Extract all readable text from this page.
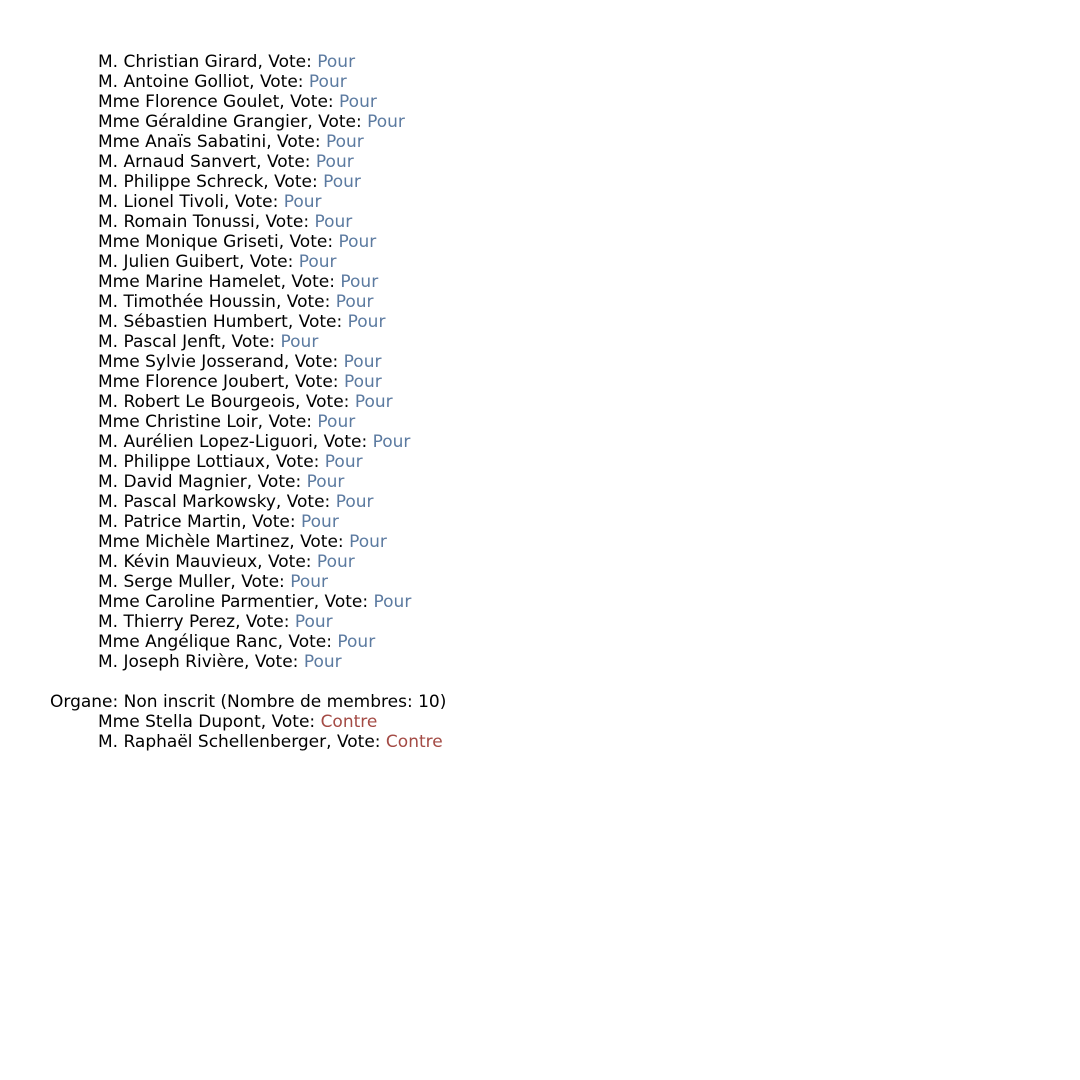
M. Christian Girard, Vote: Pour
M. Antoine Golliot, Vote: Pour
Mme Florence Goulet, Vote: Pour
Mme Géraldine Grangier, Vote: Pour
Mme Anaïs Sabatini, Vote: Pour
M. Arnaud Sanvert, Vote: Pour
M. Philippe Schreck, Vote: Pour
M. Lionel Tivoli, Vote: Pour
M. Romain Tonussi, Vote: Pour
Mme Monique Griseti, Vote: Pour
M. Julien Guibert, Vote: Pour
Mme Marine Hamelet, Vote: Pour
M. Timothée Houssin, Vote: Pour
M. Sébastien Humbert, Vote: Pour
M. Pascal Jenft, Vote: Pour
Mme Sylvie Josserand, Vote: Pour
Mme Florence Joubert, Vote: Pour
M. Robert Le Bourgeois, Vote: Pour
Mme Christine Loir, Vote: Pour
M. Aurélien Lopez-Liguori, Vote: Pour
M. Philippe Lottiaux, Vote: Pour
M. David Magnier, Vote: Pour
M. Pascal Markowsky, Vote: Pour
M. Patrice Martin, Vote: Pour
Mme Michèle Martinez, Vote: Pour
M. Kévin Mauvieux, Vote: Pour
M. Serge Muller, Vote: Pour
Mme Caroline Parmentier, Vote: Pour
M. Thierry Perez, Vote: Pour
Mme Angélique Ranc, Vote: Pour
M. Joseph Rivière, Vote: Pour
Organe: Non inscrit (Nombre de membres: 10)
Mme Stella Dupont, Vote: Contre
M. Raphaël Schellenberger, Vote: Contre
